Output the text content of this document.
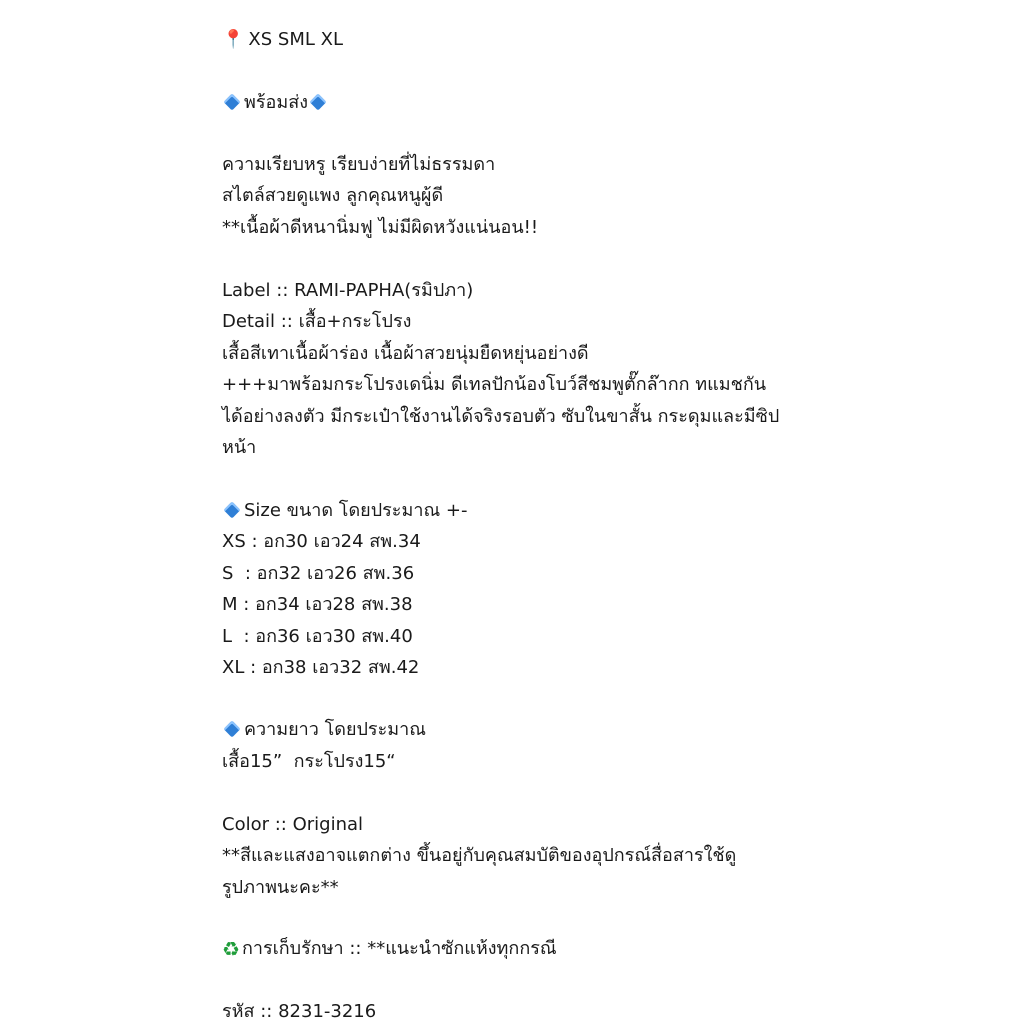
📍 XS SML XL
พร้อมส่ง
ความเรียบหรู เรียบง่ายที่ไม่ธรรมดา
สไตล์สวยดูแพง ลูกคุณหนูผู้ดี
**เนื้อผ้าดีหนานิ่มฟู ไม่มีผิดหวังแน่นอน!!
Label :: RAMI-PAPHA(รมิปภา)
Detail :: เสื้อ+กระโปรง
เสื้อสีเทาเนื้อผ้าร่อง เนื้อผ้าสวยนุ่มยืดหยุ่นอย่างดี
+++มาพร้อมกระโปรงเดนิ่ม ดีเทลปักน้องโบว์สีชมพูตั๊กล๊ากก ทแมชกัน
ได้อย่างลงตัว มีกระเป๋าใช้งานได้จริงรอบตัว ซับในขาสั้น กระดุมและมีซิป
หน้า
Size ขนาด โดยประมาณ +-
XS : อก30 เอว24 สพ.34
S  : อก32 เอว26 สพ.36
M : อก34 เอว28 สพ.38
L  : อก36 เอว30 สพ.40
XL : อก38 เอว32 สพ.42
ความยาว โดยประมาณ
เสื้อ15”  กระโปรง15“
Color :: Original
**สีและแสงอาจแตกต่าง ขึ้นอยู่กับคุณสมบัติของอุปกรณ์สื่อสารใช้ดู
รูปภาพนะคะ**
♻ การเก็บรักษา :: **แนะนำซักแห้งทุกกรณี
รหัส :: 8231-3216
